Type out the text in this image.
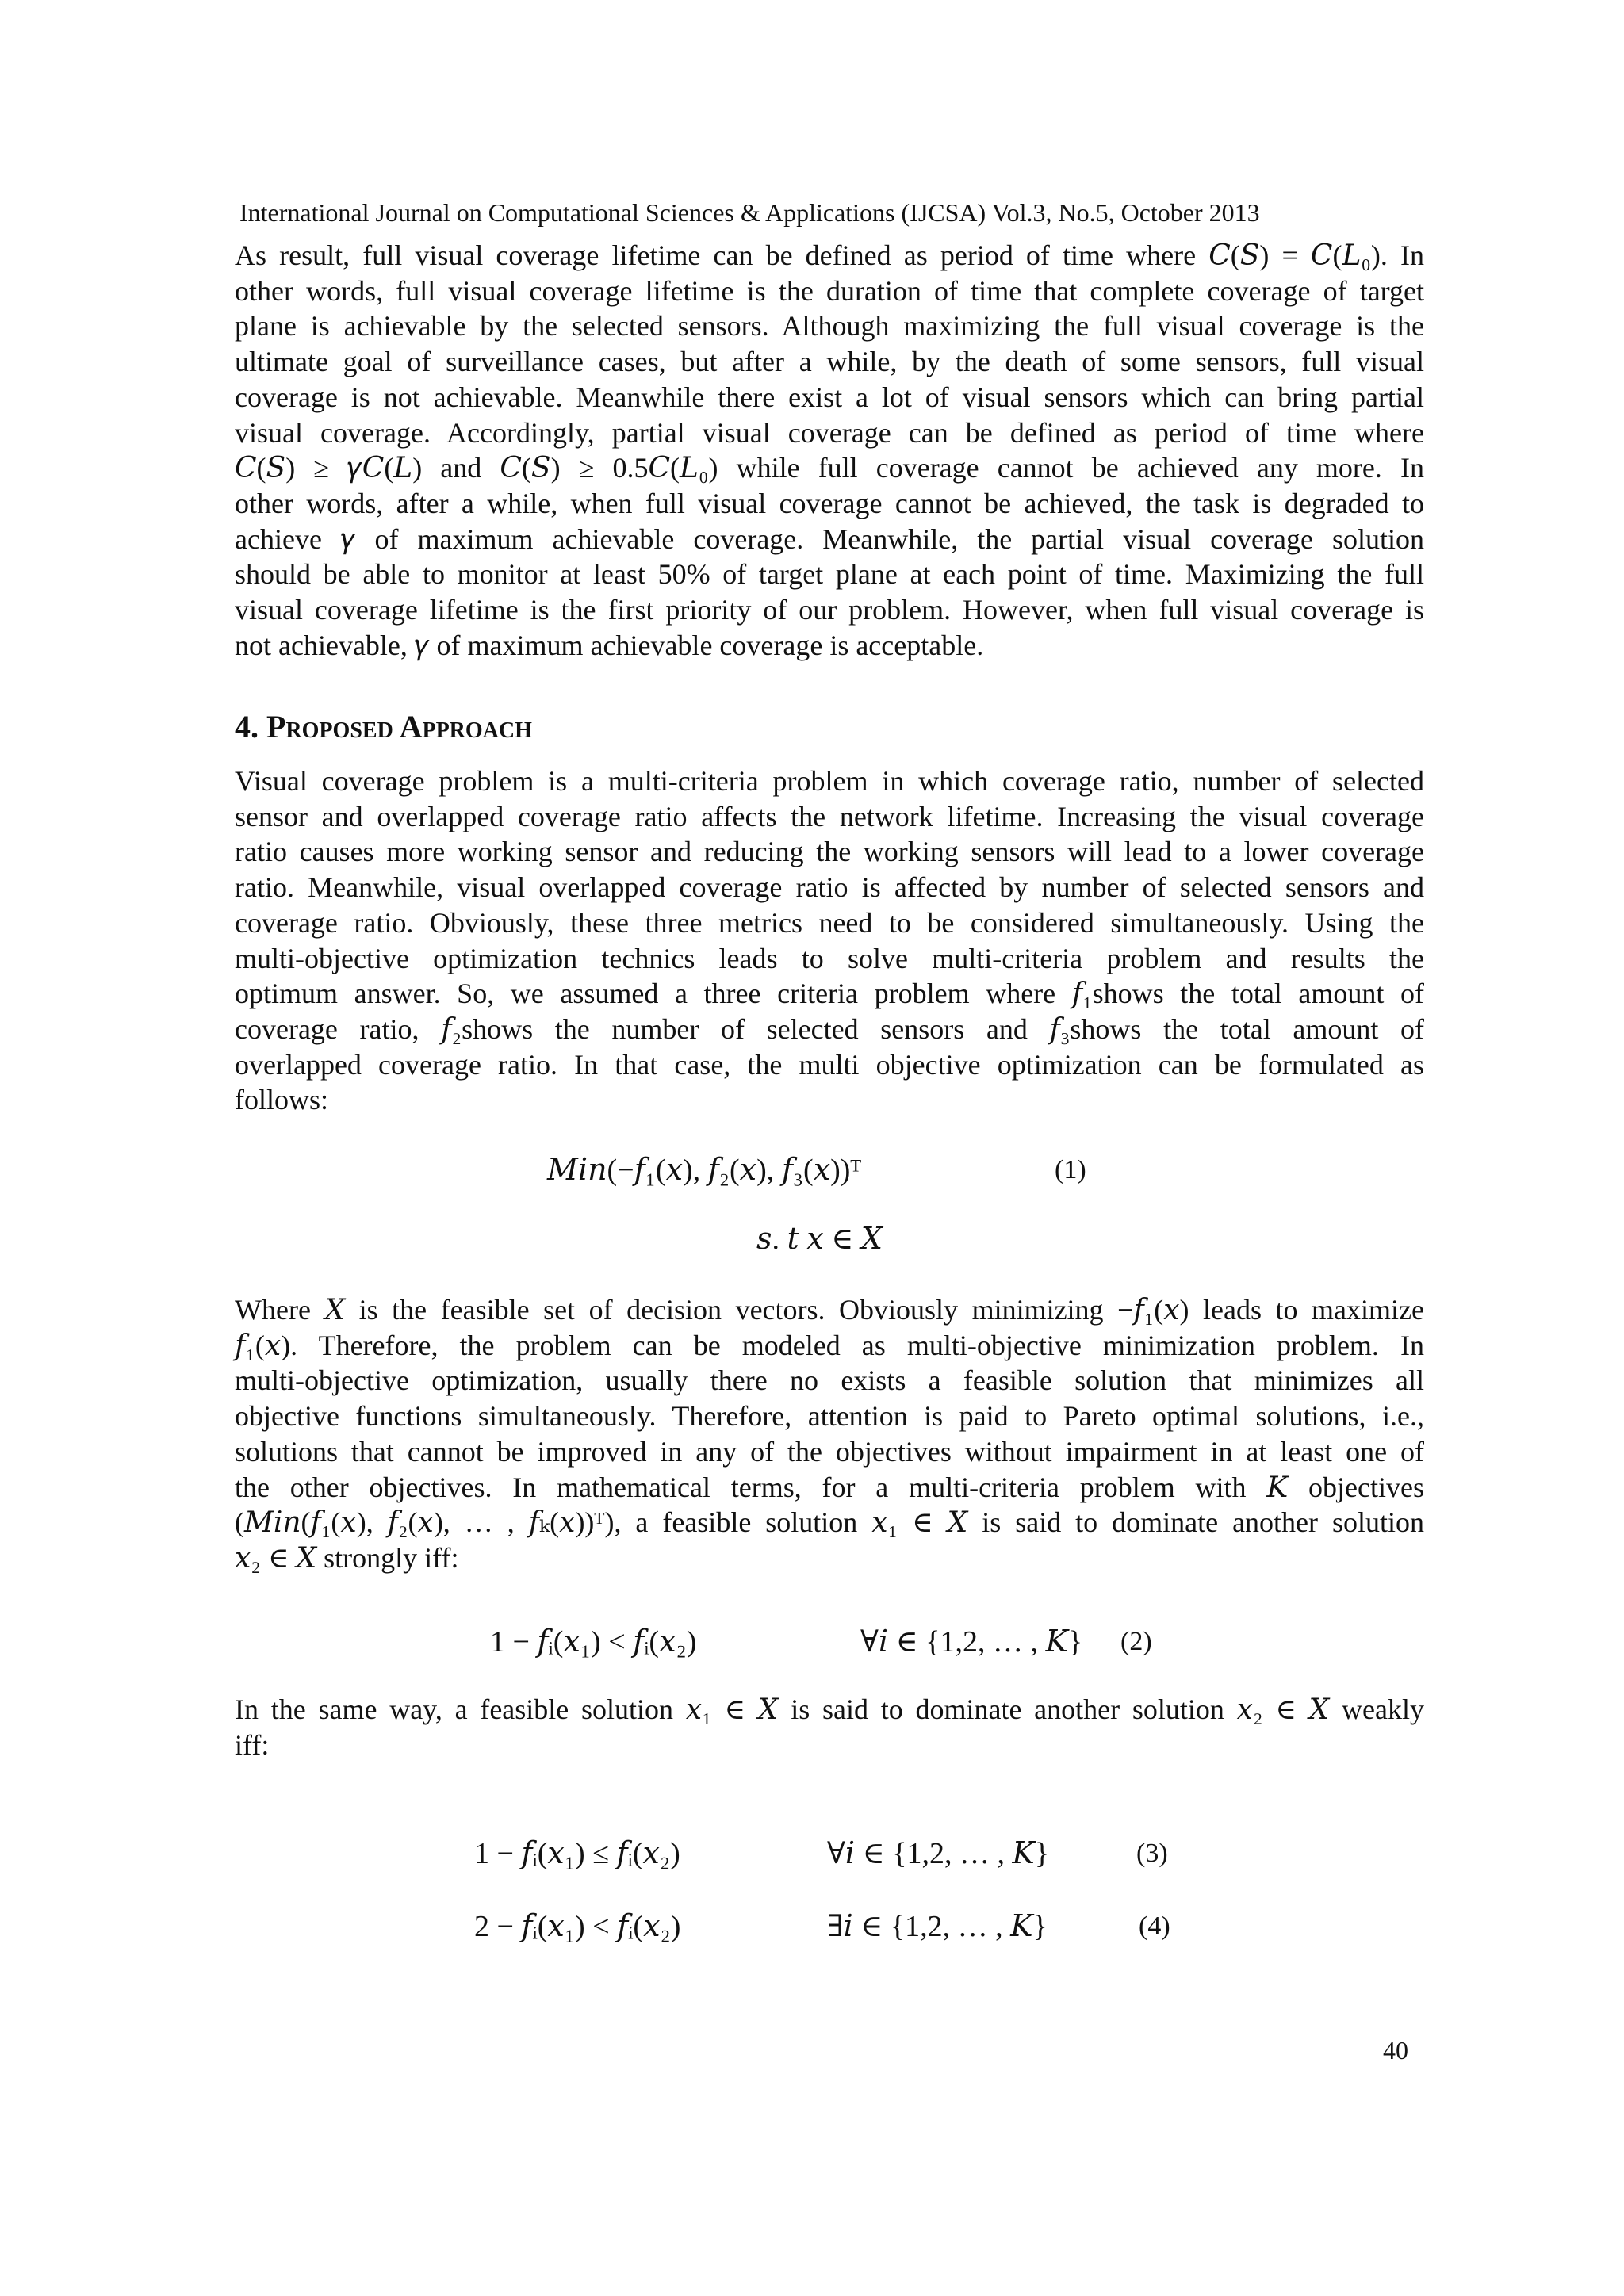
International Journal on Computational Sciences & Applications (IJCSA) Vol.3, No.5, October 2013
As result, full visual coverage lifetime can be defined as period of time where 𝐶(𝑆) = 𝐶(𝐿₀). In
other words, full visual coverage lifetime is the duration of time that complete coverage of target
plane is achievable by the selected sensors. Although maximizing the full visual coverage is the
ultimate goal of surveillance cases, but after a while, by the death of some sensors, full visual
coverage is not achievable. Meanwhile there exist a lot of visual sensors which can bring partial
visual coverage. Accordingly, partial visual coverage can be defined as period of time where
𝐶(𝑆) ≥ 𝛾𝐶(𝐿) and 𝐶(𝑆) ≥ 0.5𝐶(𝐿₀) while full coverage cannot be achieved any more. In
other words, after a while, when full visual coverage cannot be achieved, the task is degraded to
achieve 𝛾 of maximum achievable coverage. Meanwhile, the partial visual coverage solution
should be able to monitor at least 50% of target plane at each point of time. Maximizing the full
visual coverage lifetime is the first priority of our problem. However, when full visual coverage is
not achievable, 𝛾 of maximum achievable coverage is acceptable.
4. Proposed Approach
Visual coverage problem is a multi-criteria problem in which coverage ratio, number of selected
sensor and overlapped coverage ratio affects the network lifetime. Increasing the visual coverage
ratio causes more working sensor and reducing the working sensors will lead to a lower coverage
ratio. Meanwhile, visual overlapped coverage ratio is affected by number of selected sensors and
coverage ratio. Obviously, these three metrics need to be considered simultaneously. Using the
multi-objective optimization technics leads to solve multi-criteria problem and results the
optimum answer. So, we assumed a three criteria problem where 𝑓₁shows the total amount of
coverage ratio, 𝑓₂shows the number of selected sensors and 𝑓₃shows the total amount of
overlapped coverage ratio. In that case, the multi objective optimization can be formulated as
follows:
𝑀𝑖𝑛(−𝑓₁(𝑥), 𝑓₂(𝑥), 𝑓₃(𝑥))ᵀ	(1)
𝑠. 𝑡 𝑥 ∈ 𝑋
Where 𝑋 is the feasible set of decision vectors. Obviously minimizing −𝑓₁(𝑥) leads to maximize
𝑓₁(𝑥). Therefore, the problem can be modeled as multi-objective minimization problem. In
multi-objective optimization, usually there no exists a feasible solution that minimizes all
objective functions simultaneously. Therefore, attention is paid to Pareto optimal solutions, i.e.,
solutions that cannot be improved in any of the objectives without impairment in at least one of
the other objectives. In mathematical terms, for a multi-criteria problem with 𝐾 objectives
(𝑀𝑖𝑛(𝑓₁(𝑥), 𝑓₂(𝑥), … , 𝑓ₖ(𝑥))ᵀ), a feasible solution 𝑥₁ ∈ 𝑋 is said to dominate another solution
𝑥₂ ∈ 𝑋 strongly iff:
1 − 𝑓ᵢ(𝑥₁) < 𝑓ᵢ(𝑥₂)	∀𝑖 ∈ {1,2, … , 𝐾} (2)
In the same way, a feasible solution 𝑥₁ ∈ 𝑋 is said to dominate another solution 𝑥₂ ∈ 𝑋 weakly
iff:
1 − 𝑓ᵢ(𝑥₁) ≤ 𝑓ᵢ(𝑥₂)	∀𝑖 ∈ {1,2, … , 𝐾}	(3)
2 − 𝑓ᵢ(𝑥₁) < 𝑓ᵢ(𝑥₂)	∃𝑖 ∈ {1,2, … , 𝐾}	(4)
40
